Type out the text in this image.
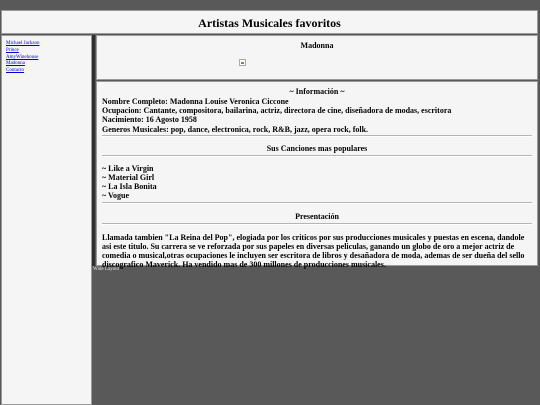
Artistas Musicales favoritos
Michael Jackson
Prince
AmyWinehouse
Madonna
Contacto
Madonna
~ Información ~
Nombre Completo: Madonna Louise Veronica Ciccone
Ocupacion: Cantante, compositora, bailarina, actriz, directora de cine, diseñadora de modas, escritora
Nacimiento: 16 Agosto 1958
Generos Musicales: pop, dance, electronica, rock, R&B, jazz, opera rock, folk.
Sus Canciones mas populares
~ Like a Virgin
~ Material Girl
~ La Isla Bonita
~ Vogue
Presentación
Llamada tambien "La Reina del Pop", elogiada por los criticos por sus producciones musicales y puestas en escena, dandole asi este titulo. Su carrera se ve reforzada por sus papeles en diversas peliculas, ganando un globo de oro a mejor actriz de comedia o musical,otras ocupaciones le incluyen ser escritora de libros y desañadora de moda, ademas de ser dueña del sello discografico Maverick. Ha vendido mas de 300 millones de producciones musicales.
Wide Layout
